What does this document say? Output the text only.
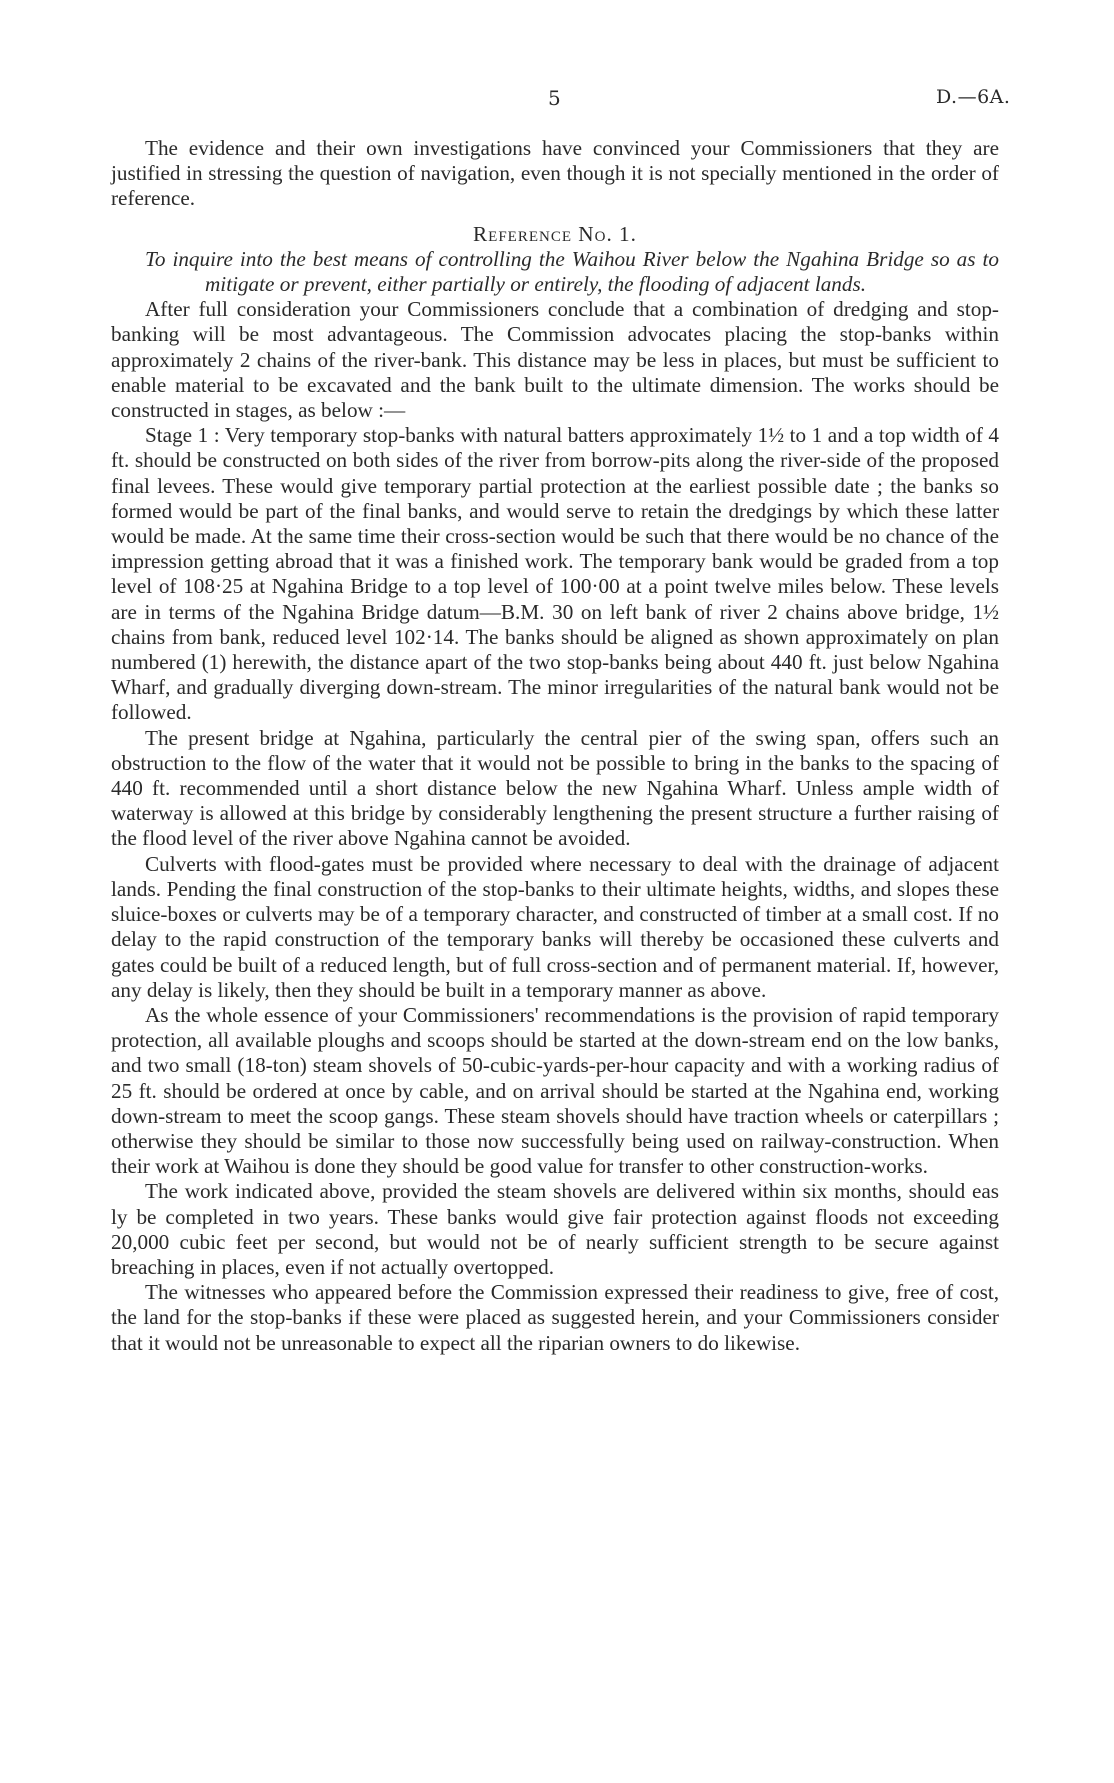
5	D.—6A.

The evidence and their own investigations have convinced your Commissioners that they are justified in stressing the question of navigation, even though it is not specially mentioned in the order of reference.

Reference No. 1.

To inquire into the best means of controlling the Waihou River below the Ngahina Bridge so as to mitigate or prevent, either partially or entirely, the flooding of adjacent lands.

After full consideration your Commissioners conclude that a combination of dredging and stop-banking will be most advantageous. The Commission advocates placing the stop-banks within approximately 2 chains of the river-bank. This distance may be less in places, but must be sufficient to enable material to be excavated and the bank built to the ultimate dimension. The works should be constructed in stages, as below :—

Stage 1 : Very temporary stop-banks with natural batters approximately 1½ to 1 and a top width of 4 ft. should be constructed on both sides of the river from borrow-pits along the river-side of the proposed final levees. These would give temporary partial protection at the earliest possible date ; the banks so formed would be part of the final banks, and would serve to retain the dredgings by which these latter would be made. At the same time their cross-section would be such that there would be no chance of the impression getting abroad that it was a finished work. The temporary bank would be graded from a top level of 108·25 at Ngahina Bridge to a top level of 100·00 at a point twelve miles below. These levels are in terms of the Ngahina Bridge datum—B.M. 30 on left bank of river 2 chains above bridge, 1½ chains from bank, reduced level 102·14. The banks should be aligned as shown approximately on plan numbered (1) herewith, the distance apart of the two stop-banks being about 440 ft. just below Ngahina Wharf, and gradually diverging down-stream. The minor irregularities of the natural bank would not be followed.

The present bridge at Ngahina, particularly the central pier of the swing span, offers such an obstruction to the flow of the water that it would not be possible to bring in the banks to the spacing of 440 ft. recommended until a short distance below the new Ngahina Wharf. Unless ample width of waterway is allowed at this bridge by considerably lengthening the present structure a further raising of the flood level of the river above Ngahina cannot be avoided.

Culverts with flood-gates must be provided where necessary to deal with the drainage of adjacent lands. Pending the final construction of the stop-banks to their ultimate heights, widths, and slopes these sluice-boxes or culverts may be of a temporary character, and constructed of timber at a small cost. If no delay to the rapid construction of the temporary banks will thereby be occasioned these culverts and gates could be built of a reduced length, but of full cross-section and of permanent material. If, however, any delay is likely, then they should be built in a temporary manner as above.

As the whole essence of your Commissioners' recommendations is the provision of rapid temporary protection, all available ploughs and scoops should be started at the down-stream end on the low banks, and two small (18-ton) steam shovels of 50-cubic-yards-per-hour capacity and with a working radius of 25 ft. should be ordered at once by cable, and on arrival should be started at the Ngahina end, working down-stream to meet the scoop gangs. These steam shovels should have traction wheels or caterpillars ; otherwise they should be similar to those now successfully being used on railway-construction. When their work at Waihou is done they should be good value for transfer to other construction-works.

The work indicated above, provided the steam shovels are delivered within six months, should eas ly be completed in two years. These banks would give fair protection against floods not exceeding 20,000 cubic feet per second, but would not be of nearly sufficient strength to be secure against breaching in places, even if not actually overtopped.

The witnesses who appeared before the Commission expressed their readiness to give, free of cost, the land for the stop-banks if these were placed as suggested herein, and your Commissioners consider that it would not be unreasonable to expect all the riparian owners to do likewise.
